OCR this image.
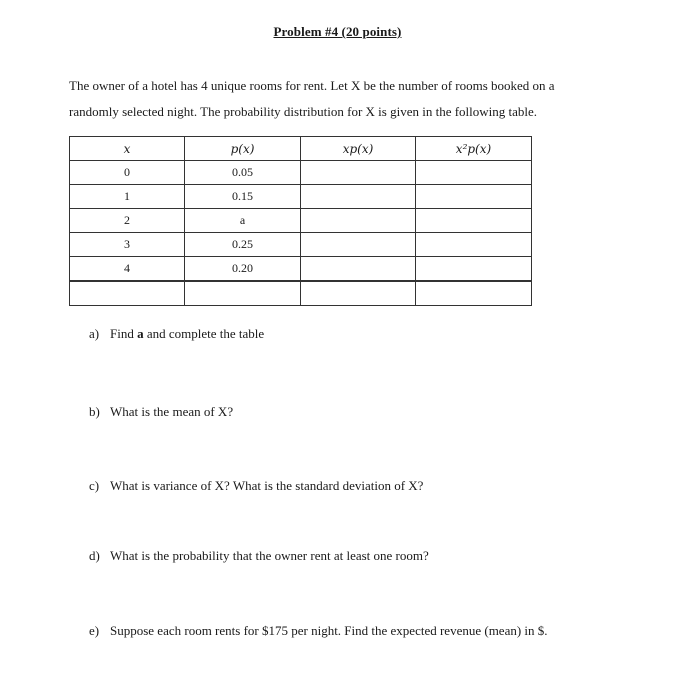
Problem #4 (20 points)

The owner of a hotel has 4 unique rooms for rent. Let X be the number of rooms booked on a

randomly selected night. The probability distribution for X is given in the following table.

x	p(x)	xp(x)	x²p(x)
0	0.05		
1	0.15		
2	a		
3	0.25		
4	0.20		

a) Find a and complete the table
b) What is the mean of X?
c) What is variance of X? What is the standard deviation of X?
d) What is the probability that the owner rent at least one room?
e) Suppose each room rents for $175 per night. Find the expected revenue (mean) in $.
